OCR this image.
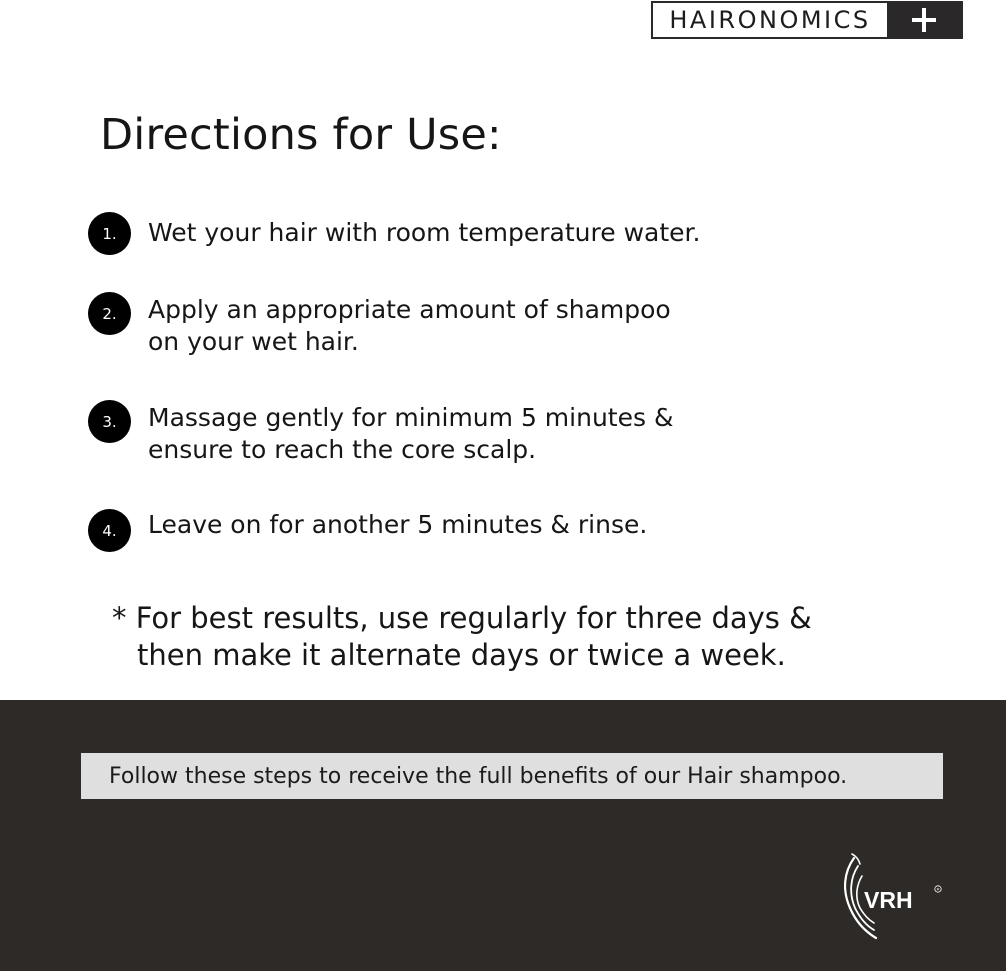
HAIRONOMICS
Directions for Use:
1.	Wet your hair with room temperature water.
2.	Apply an appropriate amount of shampoo
on your wet hair.
3.	Massage gently for minimum 5 minutes &
ensure to reach the core scalp.
4.	Leave on for another 5 minutes & rinse.
* For best results, use regularly for three days &
then make it alternate days or twice a week.
Follow these steps to receive the full benefits of our Hair shampoo.
VRH	R
